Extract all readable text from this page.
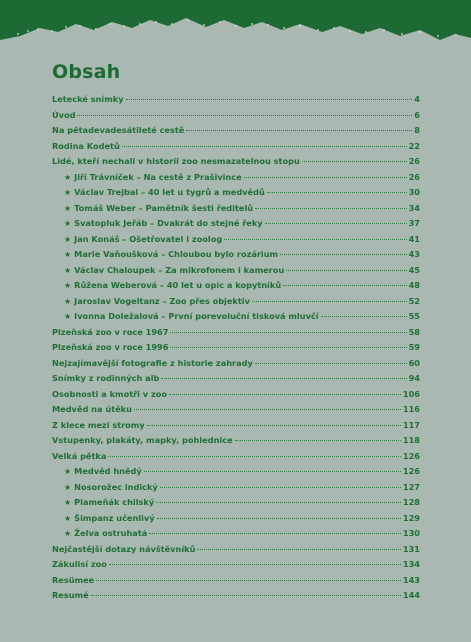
Obsah
Letecké snímky	4
Úvod	6
Na pětadevadesátileté cestě	8
Rodina Kodetů	22
Lidé, kteří nechali v historii zoo nesmazatelnou stopu	26
★ Jiří Trávníček – Na cestě z Prašivince	26
★ Václav Trejbal – 40 let u tygrů a medvědů	30
★ Tomáš Weber – Pamětník šesti ředitelů	34
★ Svatopluk Jeřáb – Dvakrát do stejné řeky	37
★ Jan Konáš – Ošetřovatel i zoolog	41
★ Marie Vaňoušková – Chloubou bylo rozárium	43
★ Václav Chaloupek – Za mikrofonem i kamerou	45
★ Růžena Weberová – 40 let u opic a kopytníků	48
★ Jaroslav Vogeltanz – Zoo přes objektiv	52
★ Ivonna Doležalová – První porevoluční tisková mluvčí	55
Plzeňská zoo v roce 1967	58
Plzeňská zoo v roce 1996	59
Nejzajímavější fotografie z historie zahrady	60
Snímky z rodinných alb	94
Osobnosti a kmotři v zoo	106
Medvěd na útěku	116
Z klece mezi stromy	117
Vstupenky, plakáty, mapky, pohlednice	118
Velká pětka	126
★ Medvěd hnědý	126
★ Nosorožec indický	127
★ Plameňák chilský	128
★ Šimpanz učenlivý	129
★ Želva ostruhatá	130
Nejčastější dotazy návštěvníků	131
Zákulisí zoo	134
Resümee	143
Resumé	144
